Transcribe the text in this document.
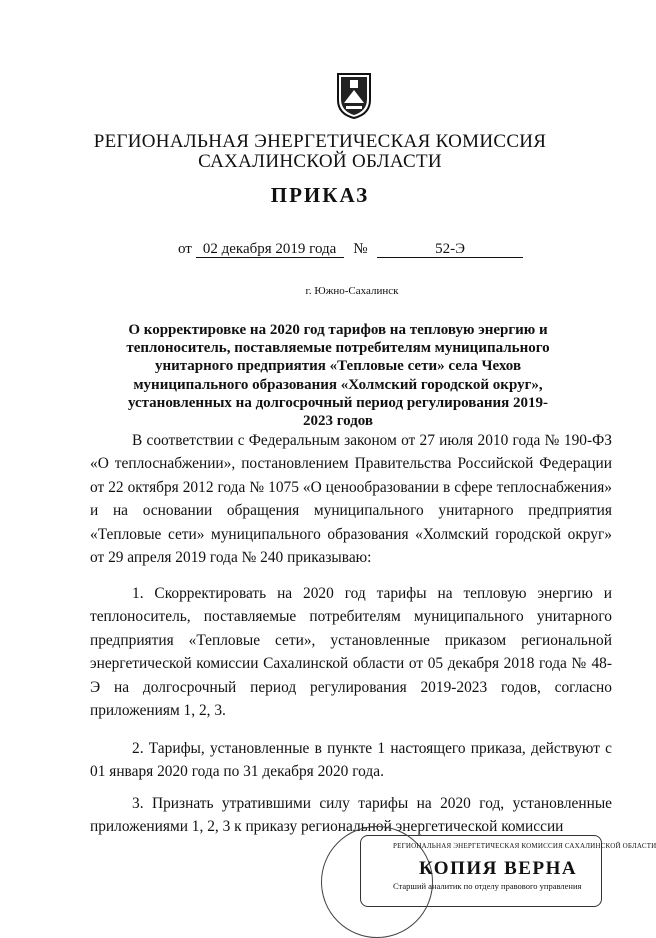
РЕГИОНАЛЬНАЯ ЭНЕРГЕТИЧЕСКАЯ КОМИССИЯ
САХАЛИНСКОЙ ОБЛАСТИ
ПРИКАЗ
от 02 декабря 2019 года №	52-Э
г. Южно-Сахалинск
О корректировке на 2020 год тарифов на тепловую энергию и теплоноситель, поставляемые потребителям муниципального унитарного предприятия «Тепловые сети» села Чехов муниципального образования «Холмский городской округ», установленных на долгосрочный период регулирования 2019-2023 годов
В соответствии с Федеральным законом от 27 июля 2010 года № 190-ФЗ «О теплоснабжении», постановлением Правительства Российской Федерации от 22 октября 2012 года № 1075 «О ценообразовании в сфере теплоснабжения» и на основании обращения муниципального унитарного предприятия «Тепловые сети» муниципального образования «Холмский городской округ» от 29 апреля 2019 года № 240 приказываю:
1. Скорректировать на 2020 год тарифы на тепловую энергию и теплоноситель, поставляемые потребителям муниципального унитарного предприятия «Тепловые сети», установленные приказом региональной энергетической комиссии Сахалинской области от 05 декабря 2018 года № 48-Э на долгосрочный период регулирования 2019-2023 годов, согласно приложениям 1, 2, 3.
2. Тарифы, установленные в пункте 1 настоящего приказа, действуют с 01 января 2020 года по 31 декабря 2020 года.
3. Признать утратившими силу тарифы на 2020 год, установленные приложениями 1, 2, 3 к приказу региональной энергетической комиссии
РЕГИОНАЛЬНАЯ ЭНЕРГЕТИЧЕСКАЯ КОМИССИЯ САХАЛИНСКОЙ ОБЛАСТИ
КОПИЯ ВЕРНА
Старший аналитик по отделу правового управления
